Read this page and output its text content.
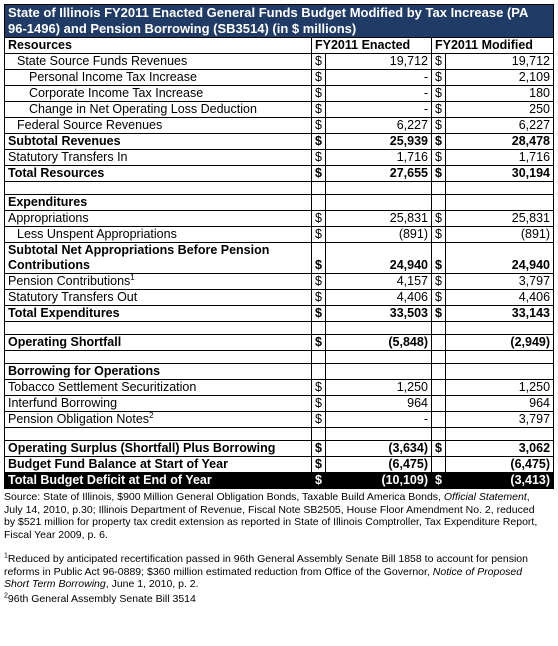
State of Illinois FY2011 Enacted General Funds Budget Modified by Tax Increase (PA 96-1496) and Pension Borrowing (SB3514) (in $ millions)				
Resources	FY2011 Enacted		FY2011 Modified	
State Source Funds Revenues	$	19,712	$	19,712
Personal Income Tax Increase	$	-	$	2,109
Corporate Income Tax Increase	$	-	$	180
Change in Net Operating Loss Deduction	$	-	$	250
Federal Source Revenues	$	6,227	$	6,227
Subtotal Revenues	$	25,939	$	28,478
Statutory Transfers In	$	1,716	$	1,716
Total Resources	$	27,655	$	30,194

Expenditures				
Appropriations	$	25,831	$	25,831
Less Unspent Appropriations	$	(891)	$	(891)
Subtotal Net Appropriations Before Pension Contributions	$	24,940	$	24,940
Pension Contributions$^1$	$	4,157	$	3,797
Statutory Transfers Out	$	4,406	$	4,406
Total Expenditures	$	33,503	$	33,143

Operating Shortfall	$	(5,848)		(2,949)

Borrowing for Operations				
Tobacco Settlement Securitization	$	1,250		1,250
Interfund Borrowing	$	964		964
Pension Obligation Notes$^2$	$	-		3,797

Operating Surplus (Shortfall) Plus Borrowing	$	(3,634)	$	3,062
Budget Fund Balance at Start of Year	$	(6,475)		(6,475)
Total Budget Deficit at End of Year	$	(10,109)	$	(3,413)

Source: State of Illinois, $900 Million General Obligation Bonds, Taxable Build America Bonds, Official Statement, July 14, 2010, p.30; Illinois Department of Revenue, Fiscal Note SB2505, House Floor Amendment No. 2, reduced by $521 million for property tax credit extension as reported in State of Illinois Comptroller, Tax Expenditure Report, Fiscal Year 2009, p. 6.

$^1$Reduced by anticipated recertification passed in 96th General Assembly Senate Bill 1858 to account for pension reforms in Public Act 96-0889; $360 million estimated reduction from Office of the Governor, Notice of Proposed Short Term Borrowing, June 1, 2010, p. 2.

$^2$96th General Assembly Senate Bill 3514
